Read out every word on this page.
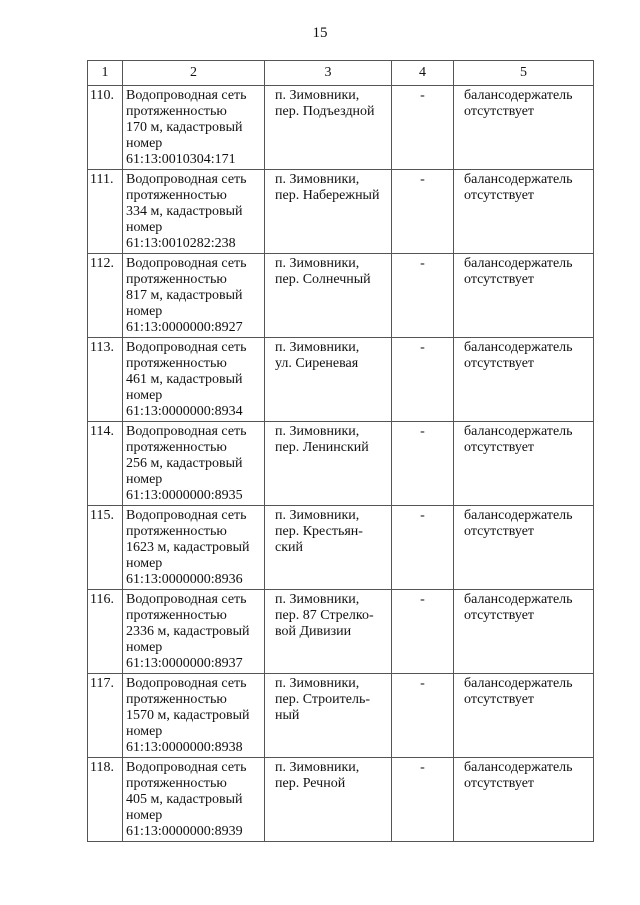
15
1	2	3	4	5
110.	Водопроводная сеть
протяженностью
170 м, кадастровый
номер
61:13:0010304:171	п. Зимовники,
пер. Подъездной	-	балансодержатель
отсутствует

111.	Водопроводная сеть
протяженностью
334 м, кадастровый
номер
61:13:0010282:238	п. Зимовники,
пер. Набережный	-	балансодержатель
отсутствует

112.	Водопроводная сеть
протяженностью
817 м, кадастровый
номер
61:13:0000000:8927	п. Зимовники,
пер. Солнечный	-	балансодержатель
отсутствует

113.	Водопроводная сеть
протяженностью
461 м, кадастровый
номер
61:13:0000000:8934	п. Зимовники,
ул. Сиреневая	-	балансодержатель
отсутствует

114.	Водопроводная сеть
протяженностью
256 м, кадастровый
номер
61:13:0000000:8935	п. Зимовники,
пер. Ленинский	-	балансодержатель
отсутствует

115.	Водопроводная сеть
протяженностью
1623 м, кадастровый
номер
61:13:0000000:8936	п. Зимовники,
пер. Крестьян-
ский	-	балансодержатель
отсутствует

116.	Водопроводная сеть
протяженностью
2336 м, кадастровый
номер
61:13:0000000:8937	п. Зимовники,
пер. 87 Стрелко-
вой Дивизии	-	балансодержатель
отсутствует

117.	Водопроводная сеть
протяженностью
1570 м, кадастровый
номер
61:13:0000000:8938	п. Зимовники,
пер. Строитель-
ный	-	балансодержатель
отсутствует

118.	Водопроводная сеть
протяженностью
405 м, кадастровый
номер
61:13:0000000:8939	п. Зимовники,
пер. Речной	-	балансодержатель
отсутствует
